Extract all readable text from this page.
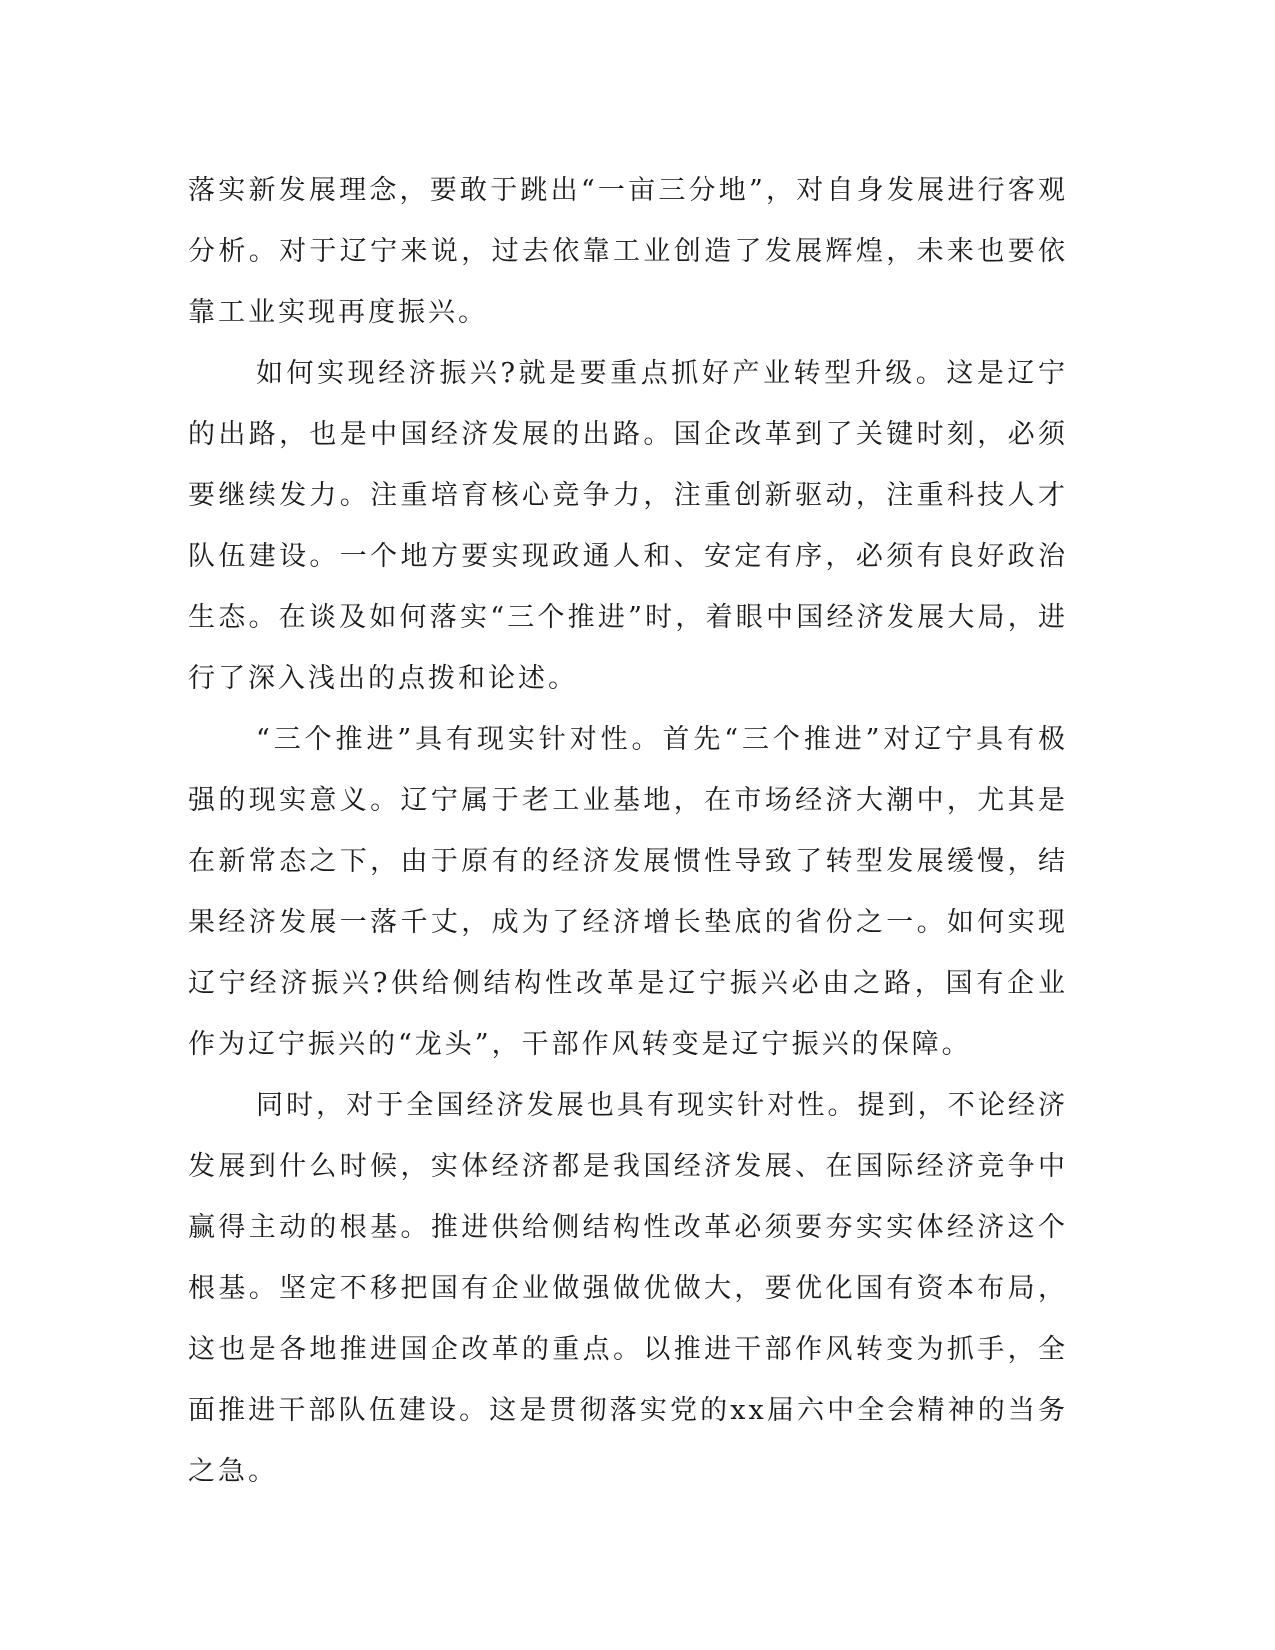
落实新发展理念，要敢于跳出“一亩三分地”，对自身发展进行客观分析。对于辽宁来说，过去依靠工业创造了发展辉煌，未来也要依靠工业实现再度振兴。

如何实现经济振兴?就是要重点抓好产业转型升级。这是辽宁的出路，也是中国经济发展的出路。国企改革到了关键时刻，必须要继续发力。注重培育核心竞争力，注重创新驱动，注重科技人才队伍建设。一个地方要实现政通人和、安定有序，必须有良好政治生态。在谈及如何落实“三个推进”时，着眼中国经济发展大局，进行了深入浅出的点拨和论述。

“三个推进”具有现实针对性。首先“三个推进”对辽宁具有极强的现实意义。辽宁属于老工业基地，在市场经济大潮中，尤其是在新常态之下，由于原有的经济发展惯性导致了转型发展缓慢，结果经济发展一落千丈，成为了经济增长垫底的省份之一。如何实现辽宁经济振兴?供给侧结构性改革是辽宁振兴必由之路，国有企业作为辽宁振兴的“龙头”，干部作风转变是辽宁振兴的保障。

同时，对于全国经济发展也具有现实针对性。提到，不论经济发展到什么时候，实体经济都是我国经济发展、在国际经济竞争中赢得主动的根基。推进供给侧结构性改革必须要夯实实体经济这个根基。坚定不移把国有企业做强做优做大，要优化国有资本布局，这也是各地推进国企改革的重点。以推进干部作风转变为抓手，全面推进干部队伍建设。这是贯彻落实党的xx届六中全会精神的当务之急。
